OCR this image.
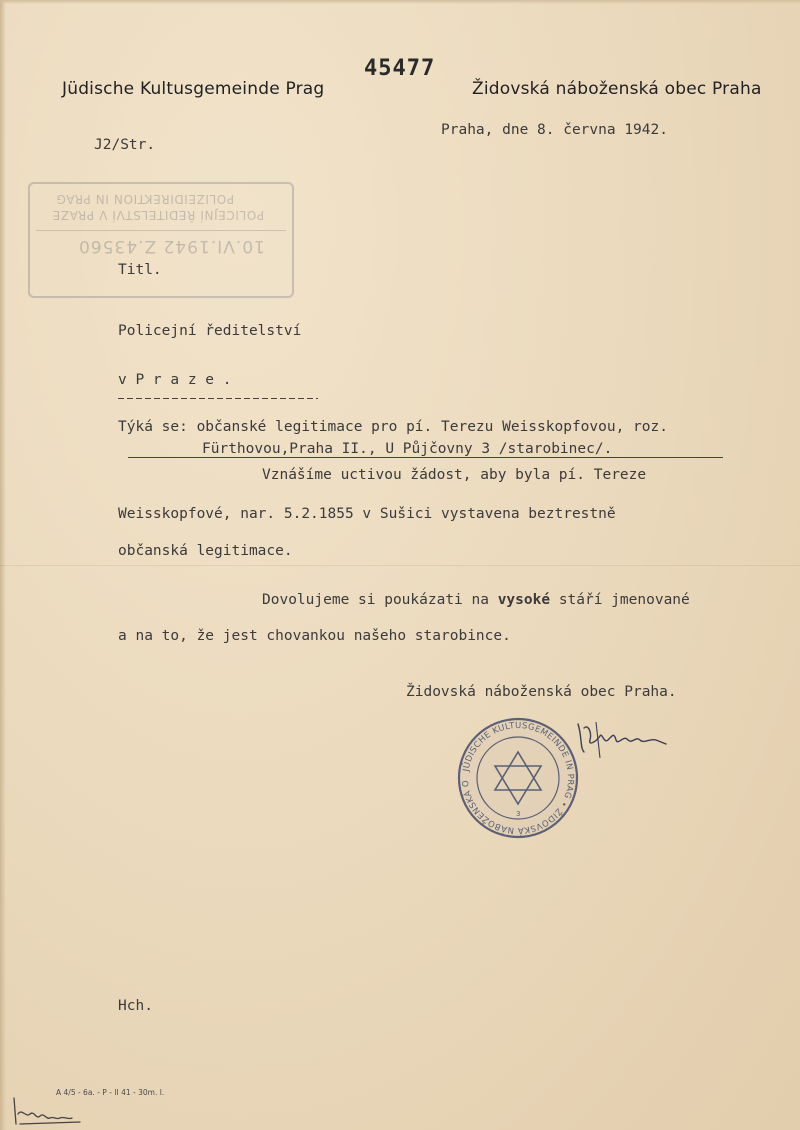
Jüdische Kultusgemeinde Prag

45477

Židovská náboženská obec Praha

J2/Str.

Praha, dne 8. června 1942.

POLIZEIDIREKTION IN PRAG
POLICEJNÍ ŘEDITELSTVÍ V PRAZE
10.VI.1942 Z.43560

Titl.

Policejní ředitelství

v P r a z e .

Týká se: občanské legitimace pro pí. Terezu Weisskopfovou, roz.

Fürthovou,Praha II., U Půjčovny 3 /starobinec/.

Vznášíme uctivou žádost, aby byla pí. Tereze

Weisskopfové, nar. 5.2.1855 v Sušici vystavena beztrestně

občanská legitimace.

Dovolujeme si poukázati na vysoké stáří jmenované

a na to, že jest chovankou našeho starobince.

Židovská náboženská obec Praha.

JÜDISCHE KULTUSGEMEINDE IN PRAG • ŽIDOVSKÁ NÁBOŽENSKÁ O
3

Hch.

A 4/5 - 6a. - P - II 41 - 30m. l.
